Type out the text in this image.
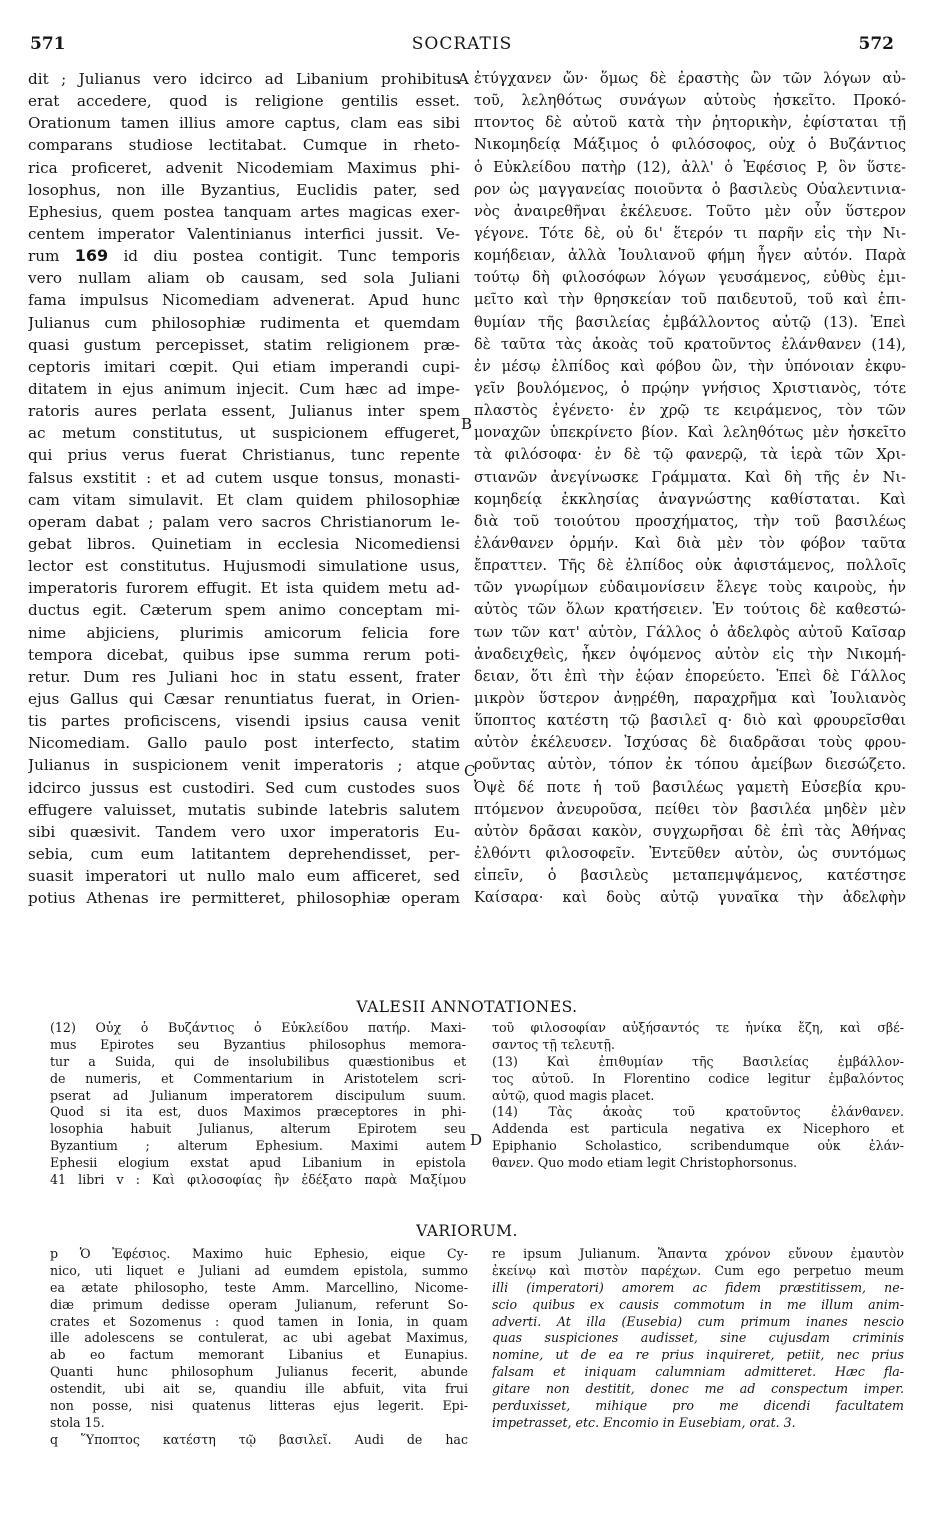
571	SOCRATIS	572
dit ; Julianus vero idcirco ad Libanium prohibitus
erat accedere, quod is religione gentilis esset.
Orationum tamen illius amore captus, clam eas sibi
comparans studiose lectitabat. Cumque in rheto-
rica proficeret, advenit Nicodemiam Maximus phi-
losophus, non ille Byzantius, Euclidis pater, sed
Ephesius, quem postea tanquam artes magicas exer-
centem imperator Valentinianus interfici jussit. Ve-
rum 169 id diu postea contigit. Tunc temporis
vero nullam aliam ob causam, sed sola Juliani
fama impulsus Nicomediam advenerat. Apud hunc
Julianus cum philosophiæ rudimenta et quemdam
quasi gustum percepisset, statim religionem præ-
ceptoris imitari cœpit. Qui etiam imperandi cupi-
ditatem in ejus animum injecit. Cum hæc ad impe-
ratoris aures perlata essent, Julianus inter spem
ac metum constitutus, ut suspicionem effugeret,
qui prius verus fuerat Christianus, tunc repente
falsus exstitit : et ad cutem usque tonsus, monasti-
cam vitam simulavit. Et clam quidem philosophiæ
operam dabat ; palam vero sacros Christianorum le-
gebat libros. Quinetiam in ecclesia Nicomediensi
lector est constitutus. Hujusmodi simulatione usus,
imperatoris furorem effugit. Et ista quidem metu ad-
ductus egit. Cæterum spem animo conceptam mi-
nime abjiciens, plurimis amicorum felicia fore
tempora dicebat, quibus ipse summa rerum poti-
retur. Dum res Juliani hoc in statu essent, frater
ejus Gallus qui Cæsar renuntiatus fuerat, in Orien-
tis partes proficiscens, visendi ipsius causa venit
Nicomediam. Gallo paulo post interfecto, statim
Julianus in suspicionem venit imperatoris ; atque
idcirco jussus est custodiri. Sed cum custodes suos
effugere valuisset, mutatis subinde latebris salutem
sibi quæsivit. Tandem vero uxor imperatoris Eu-
sebia, cum eum latitantem deprehendisset, per-
suasit imperatori ut nullo malo eum afficeret, sed
potius Athenas ire permitteret, philosophiæ operam
ἐτύγχανεν ὤν· ὅμως δὲ ἐραστὴς ὢν τῶν λόγων αὐ-
τοῦ, λεληθότως συνάγων αὐτοὺς ἠσκεῖτο. Προκό-
πτοντος δὲ αὐτοῦ κατὰ τὴν ῥητορικὴν, ἐφίσταται τῇ
Νικομηδείᾳ Μάξιμος ὁ φιλόσοφος, οὐχ ὁ Βυζάντιος
ὁ Εὐκλείδου πατὴρ (12), ἀλλ' ὁ Ἐφέσιος P, ὃν ὕστε-
ρον ὡς μαγγανείας ποιοῦντα ὁ βασιλεὺς Οὐαλεντινια-
νὸς ἀναιρεθῆναι ἐκέλευσε. Τοῦτο μὲν οὖν ὕστερον
γέγονε. Τότε δὲ, οὐ δι' ἕτερόν τι παρῆν εἰς τὴν Νι-
κομήδειαν, ἀλλὰ Ἰουλιανοῦ φήμη ἦγεν αὐτόν. Παρὰ
τούτῳ δὴ φιλοσόφων λόγων γευσάμενος, εὐθὺς ἐμι-
μεῖτο καὶ τὴν θρησκείαν τοῦ παιδευτοῦ, τοῦ καὶ ἐπι-
θυμίαν τῆς βασιλείας ἐμβάλλοντος αὐτῷ (13). Ἐπεὶ
δὲ ταῦτα τὰς ἀκοὰς τοῦ κρατοῦντος ἐλάνθανεν (14),
ἐν μέσῳ ἐλπίδος καὶ φόβου ὢν, τὴν ὑπόνοιαν ἐκφυ-
γεῖν βουλόμενος, ὁ πρῴην γνήσιος Χριστιανὸς, τότε
πλαστὸς ἐγένετο· ἐν χρῷ τε κειράμενος, τὸν τῶν
μοναχῶν ὑπεκρίνετο βίον. Καὶ λεληθότως μὲν ἠσκεῖτο
τὰ φιλόσοφα· ἐν δὲ τῷ φανερῷ, τὰ ἱερὰ τῶν Χρι-
στιανῶν ἀνεγίνωσκε Γράμματα. Καὶ δὴ τῆς ἐν Νι-
κομηδείᾳ ἐκκλησίας ἀναγνώστης καθίσταται. Καὶ
διὰ τοῦ τοιούτου προσχήματος, τὴν τοῦ βασιλέως
ἐλάνθανεν ὁρμήν. Καὶ διὰ μὲν τὸν φόβον ταῦτα
ἔπραττεν. Τῆς δὲ ἐλπίδος οὐκ ἀφιστάμενος, πολλοῖς
τῶν γνωρίμων εὐδαιμονίσειν ἔλεγε τοὺς καιροὺς, ἡν
αὐτὸς τῶν ὅλων κρατήσειεν. Ἐν τούτοις δὲ καθεστώ-
των τῶν κατ' αὐτὸν, Γάλλος ὁ ἀδελφὸς αὐτοῦ Καῖσαρ
ἀναδειχθεὶς, ἧκεν ὀψόμενος αὐτὸν εἰς τὴν Νικομή-
δειαν, ὅτι ἐπὶ τὴν ἑῴαν ἐπορεύετο. Ἐπεὶ δὲ Γάλλος
μικρὸν ὕστερον ἀνῃρέθη, παραχρῆμα καὶ Ἰουλιανὸς
ὕποπτος κατέστη τῷ βασιλεῖ q· διὸ καὶ φρουρεῖσθαι
αὐτὸν ἐκέλευσεν. Ἰσχύσας δὲ διαδρᾶσαι τοὺς φρου-
ροῦντας αὐτὸν, τόπον ἐκ τόπου ἀμείβων διεσώζετο.
Ὀψὲ δέ ποτε ἡ τοῦ βασιλέως γαμετὴ Εὐσεβία κρυ-
πτόμενον ἀνευροῦσα, πείθει τὸν βασιλέα μηδὲν μὲν
αὐτὸν δρᾶσαι κακὸν, συγχωρῆσαι δὲ ἐπὶ τὰς Ἀθήνας
ἐλθόντι φιλοσοφεῖν. Ἐντεῦθεν αὐτὸν, ὡς συντόμως
εἰπεῖν, ὁ βασιλεὺς μεταπεμψάμενος, κατέστησε
Καίσαρα· καὶ δοὺς αὐτῷ γυναῖκα τὴν ἀδελφὴν
A
B
C
D
VALESII ANNOTATIONES.
(12) Οὐχ ὁ Βυζάντιος ὁ Εὐκλείδου πατήρ. Maxi-
mus Epirotes seu Byzantius philosophus memora-
tur a Suida, qui de insolubilibus quæstionibus et
de numeris, et Commentarium in Aristotelem scri-
pserat ad Julianum imperatorem discipulum suum.
Quod si ita est, duos Maximos præceptores in phi-
losophia habuit Julianus, alterum Epirotem seu
Byzantium ; alterum Ephesium. Maximi autem
Ephesii elogium exstat apud Libanium in epistola
41 libri v : Καὶ φιλοσοφίας ἣν ἐδέξατο παρὰ Μαξίμου
τοῦ φιλοσοφίαν αὐξήσαντός τε ἡνίκα ἔζη, καὶ σβέ-
σαντος τῇ τελευτῇ.
(13) Καὶ ἐπιθυμίαν τῆς Βασιλείας ἐμβάλλον-
τος αὐτοῦ. In Florentino codice legitur ἐμβαλόντος
αὐτῷ, quod magis placet.
(14) Τὰς ἀκοὰς τοῦ κρατοῦντος ἐλάνθανεν.
Addenda est particula negativa ex Nicephoro et
Epiphanio Scholastico, scribendumque οὐκ ἐλάν-
θανεν. Quo modo etiam legit Christophorsonus.
VARIORUM.
p Ὁ Ἐφέσιος. Maximo huic Ephesio, eique Cy-
nico, uti liquet e Juliani ad eumdem epistola, summo
ea ætate philosopho, teste Amm. Marcellino, Nicome-
diæ primum dedisse operam Julianum, referunt So-
crates et Sozomenus : quod tamen in Ionia, in quam
ille adolescens se contulerat, ac ubi agebat Maximus,
ab eo factum memorant Libanius et Eunapius.
Quanti hunc philosophum Julianus fecerit, abunde
ostendit, ubi ait se, quandiu ille abfuit, vita frui
non posse, nisi quatenus litteras ejus legerit. Epi-
stola 15.
q Ὕποπτος κατέστη τῷ βασιλεῖ. Audi de hac
re ipsum Julianum. Ἅπαντα χρόνον εὔνουν ἐμαυτὸν
ἐκείνῳ καὶ πιστὸν παρέχων. Cum ego perpetuo meum
illi (imperatori) amorem ac fidem præstitissem, ne-
scio quibus ex causis commotum in me illum anim-
adverti. At illa (Eusebia) cum primum inanes nescio
quas suspiciones audisset, sine cujusdam criminis
nomine, ut de ea re prius inquireret, petiit, nec prius
falsam et iniquam calumniam admitteret. Hæc fla-
gitare non destitit, donec me ad conspectum imper.
perduxisset, mihique pro me dicendi facultatem
impetrasset, etc. Encomio in Eusebiam, orat. 3.
